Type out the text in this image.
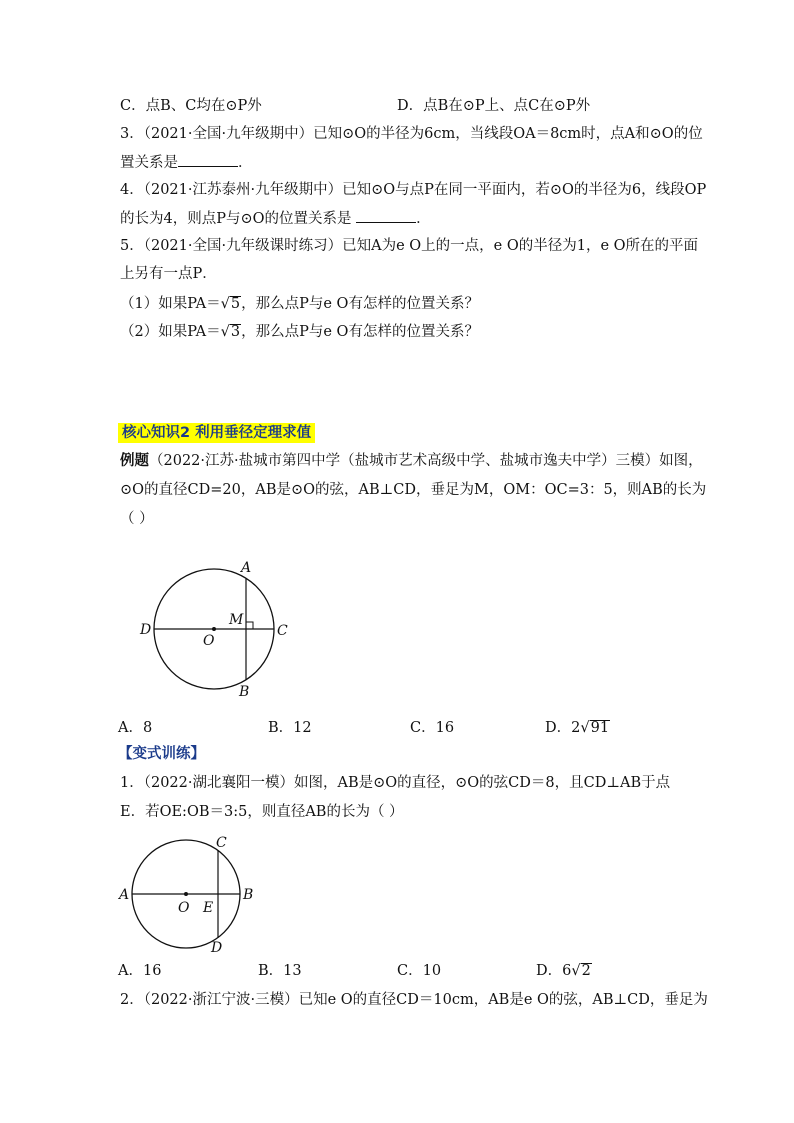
C．点B、C均在⊙P外	D．点B在⊙P上、点C在⊙P外
3．（2021·全国·九年级期中）已知⊙O的半径为6cm，当线段OA＝8cm时，点A和⊙O的位
置关系是	．
4．（2021·江苏泰州·九年级期中）已知⊙O与点P在同一平面内，若⊙O的半径为6，线段OP
的长为4，则点P与⊙O的位置关系是	．
5．（2021·全国·九年级课时练习）已知A为e O上的一点，e O的半径为1，e O所在的平面
上另有一点P．
（1）如果PA＝√5，那么点P与e O有怎样的位置关系？
（2）如果PA＝√3，那么点P与e O有怎样的位置关系？
核心知识2 利用垂径定理求值
例题（2022·江苏·盐城市第四中学（盐城市艺术高级中学、盐城市逸夫中学）三模）如图，
⊙O的直径CD=20，AB是⊙O的弦，AB⊥CD，垂足为M，OM：OC=3：5，则AB的长为
（ ）
A
B
C
D
O
M
A．8	B．12	C．16	D．2√91
【变式训练】
1．（2022·湖北襄阳一模）如图，AB是⊙O的直径，⊙O的弦CD＝8，且CD⊥AB于点
E．若OE:OB＝3:5，则直径AB的长为（ ）
A	B
C
D
O E
A．16	B．13	C．10	D．6√2
2．（2022·浙江宁波·三模）已知e O的直径CD＝10cm，AB是e O的弦，AB⊥CD，垂足为
